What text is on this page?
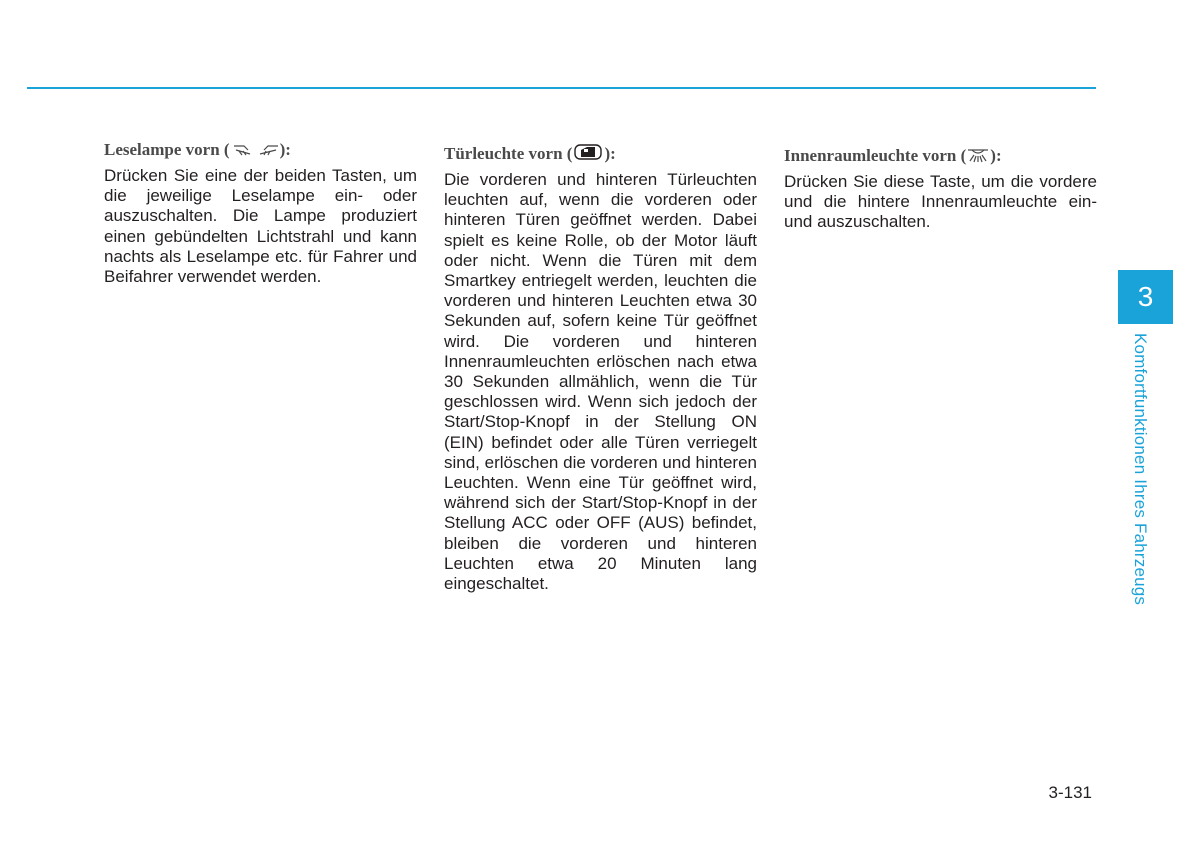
Leselampe vorn (	):

Drücken Sie eine der beiden Tasten, um die jeweilige Leselampe ein- oder auszuschalten. Die Lampe produziert einen gebündelten Lichtstrahl und kann nachts als Leselampe etc. für Fahrer und Beifahrer verwendet werden.

Türleuchte vorn ( ):

Die vorderen und hinteren Türleuchten leuchten auf, wenn die vorderen oder hinteren Türen geöffnet werden. Dabei spielt es keine Rolle, ob der Motor läuft oder nicht. Wenn die Türen mit dem Smartkey entriegelt werden, leuchten die vorderen und hinteren Leuchten etwa 30 Sekunden auf, sofern keine Tür geöffnet wird. Die vorderen und hinteren Innenraumleuchten erlöschen nach etwa 30 Sekunden allmählich, wenn die Tür geschlossen wird. Wenn sich jedoch der Start/Stop-Knopf in der Stellung ON (EIN) befindet oder alle Türen verriegelt sind, erlöschen die vorderen und hinteren Leuchten. Wenn eine Tür geöffnet wird, während sich der Start/Stop-Knopf in der Stellung ACC oder OFF (AUS) befindet, bleiben die vorderen und hinteren Leuchten etwa 20 Minuten lang eingeschaltet.

Innenraumleuchte vorn ( ):

Drücken Sie diese Taste, um die vordere und die hintere Innenraumleuchte ein- und auszuschalten.

3
Komfortfunktionen Ihres Fahrzeugs
3-131
